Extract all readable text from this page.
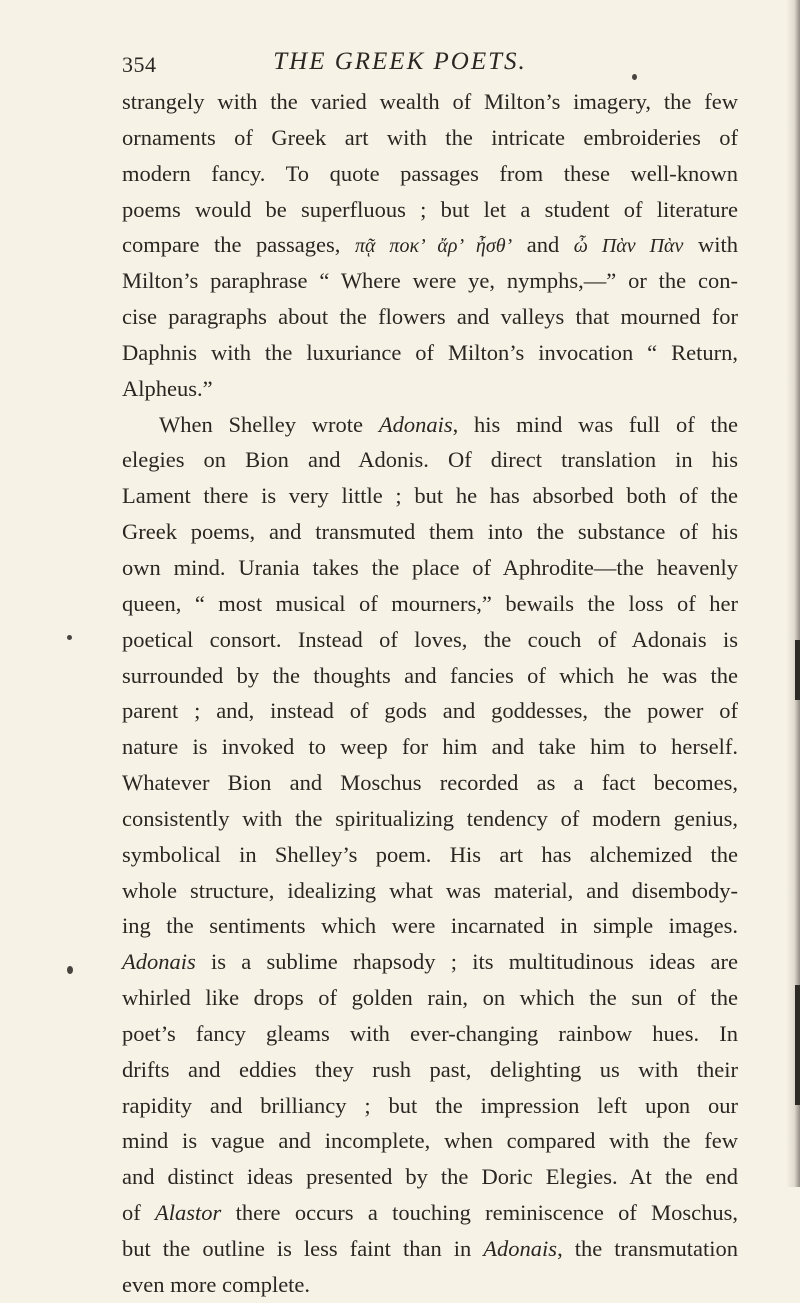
354	THE GREEK POETS.
strangely with the varied wealth of Milton’s imagery, the few
ornaments of Greek art with the intricate embroideries of
modern fancy. To quote passages from these well-known
poems would be superfluous ; but let a student of literature
compare the passages, πᾷ ποκ’ ἄρ’ ἦσθ’ and ὦ Πὰν Πὰν with
Milton’s paraphrase “ Where were ye, nymphs,—” or the con-
cise paragraphs about the flowers and valleys that mourned for
Daphnis with the luxuriance of Milton’s invocation “ Return,
Alpheus.”
When Shelley wrote Adonais, his mind was full of the
elegies on Bion and Adonis. Of direct translation in his
Lament there is very little ; but he has absorbed both of the
Greek poems, and transmuted them into the substance of his
own mind. Urania takes the place of Aphrodite—the heavenly
queen, “ most musical of mourners,” bewails the loss of her
poetical consort. Instead of loves, the couch of Adonais is
surrounded by the thoughts and fancies of which he was the
parent ; and, instead of gods and goddesses, the power of
nature is invoked to weep for him and take him to herself.
Whatever Bion and Moschus recorded as a fact becomes,
consistently with the spiritualizing tendency of modern genius,
symbolical in Shelley’s poem. His art has alchemized the
whole structure, idealizing what was material, and disembody-
ing the sentiments which were incarnated in simple images.
Adonais is a sublime rhapsody ; its multitudinous ideas are
whirled like drops of golden rain, on which the sun of the
poet’s fancy gleams with ever-changing rainbow hues. In
drifts and eddies they rush past, delighting us with their
rapidity and brilliancy ; but the impression left upon our
mind is vague and incomplete, when compared with the few
and distinct ideas presented by the Doric Elegies. At the end
of Alastor there occurs a touching reminiscence of Moschus,
but the outline is less faint than in Adonais, the transmutation
even more complete.
